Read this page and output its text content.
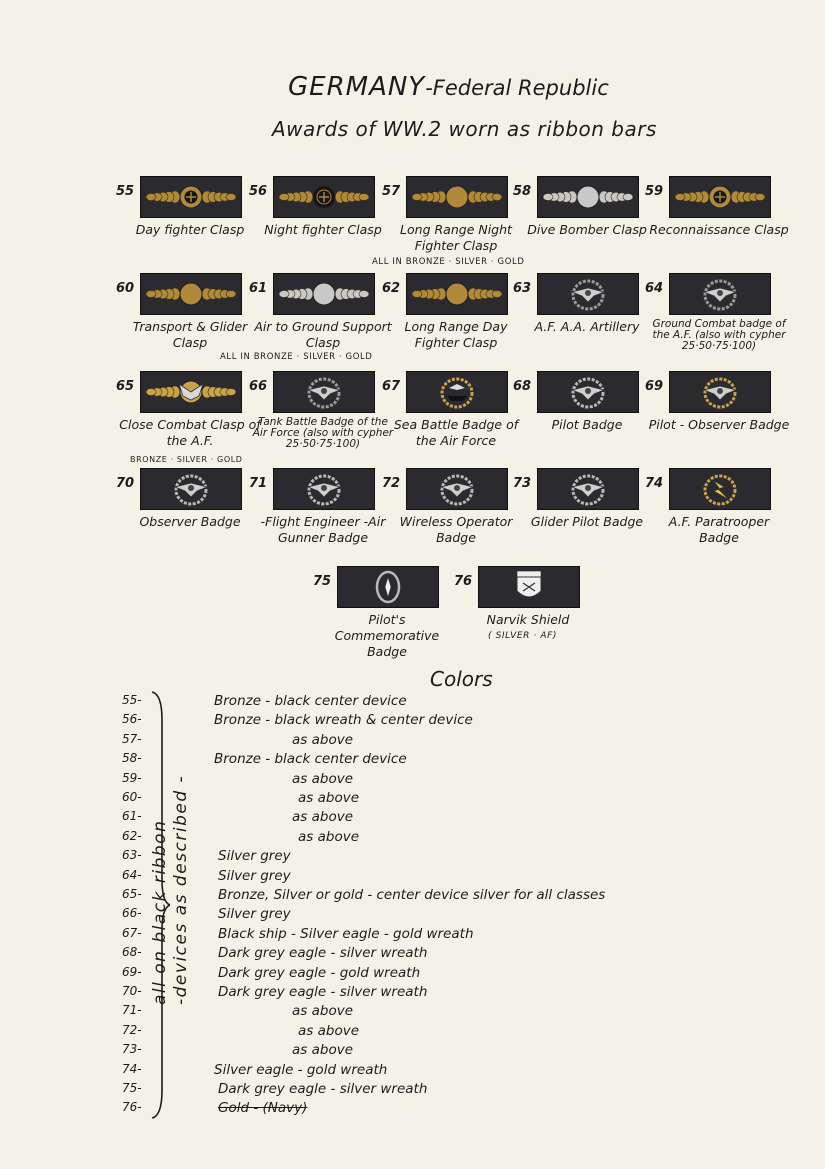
GERMANY-Federal Republic
Awards of WW.2 worn as ribbon bars
55
Day fighter Clasp
56
Night fighter Clasp
57
Long Range Night Fighter Clasp
58
Dive Bomber Clasp
59
Reconnaissance Clasp
60
Transport & Glider Clasp
61
Air to Ground Support Clasp
62
Long Range Day Fighter Clasp
63
A.F. A.A. Artillery
64
Ground Combat badge of the A.F. (also with cypher 25·50·75·100)
65
Close Combat Clasp of the A.F.
66
Tank Battle Badge of the Air Force (also with cypher 25·50·75·100)
67
Sea Battle Badge of the Air Force
68
Pilot Badge
69
Pilot - Observer Badge
70
Observer Badge
71
-Flight Engineer -Air Gunner Badge
72
Wireless Operator Badge
73
Glider Pilot Badge
74
A.F. Paratrooper Badge
75
Pilot's Commemorative Badge
76
Narvik Shield
ALL IN BRONZE · SILVER · GOLD
ALL IN BRONZE · SILVER · GOLD
BRONZE · SILVER · GOLD
( SILVER · AF)
Colors
all on black ribbon -devices as described -
55-	Bronze - black center device
56-	Bronze - black wreath & center device
57-	as above
58-	Bronze - black center device
59-	as above
60-	as above
61-	as above
62-	as above
63-	Silver grey
64-	Silver grey
65-	Bronze, Silver or gold - center device silver for all classes
66-	Silver grey
67-	Black ship - Silver eagle - gold wreath
68-	Dark grey eagle - silver wreath
69-	Dark grey eagle - gold wreath
70-	Dark grey eagle - silver wreath
71-	as above
72-	as above
73-	as above
74-	Silver eagle - gold wreath
75-	Dark grey eagle - silver wreath
76-	Gold - (Navy)
